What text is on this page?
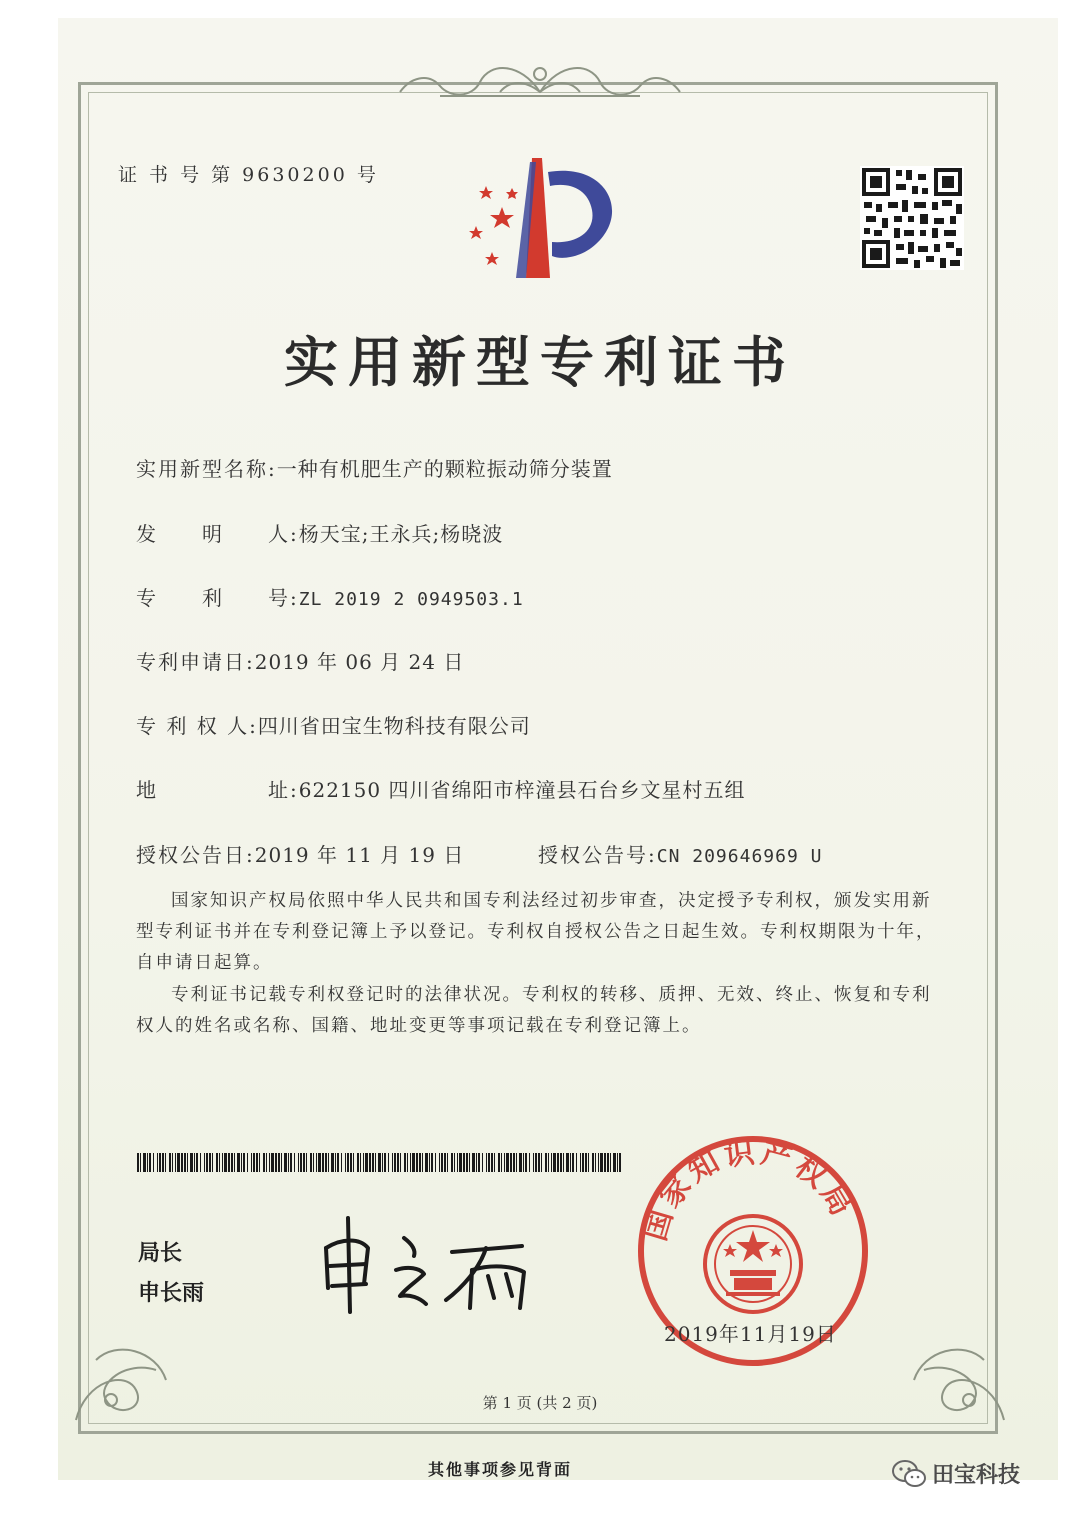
证 书 号 第 9630200 号
实用新型专利证书
实用新型名称:一种有机肥生产的颗粒振动筛分装置
发　　明　　人:杨天宝;王永兵;杨晓波
专　　利　　号:ZL 2019 2 0949503.1
专利申请日:2019 年 06 月 24 日
专 利 权 人:四川省田宝生物科技有限公司
地　　　　　址:622150 四川省绵阳市梓潼县石台乡文星村五组
授权公告日:2019 年 11 月 19 日	授权公告号:CN 209646969 U
国家知识产权局依照中华人民共和国专利法经过初步审查，决定授予专利权，颁发实用新型专利证书并在专利登记簿上予以登记。专利权自授权公告之日起生效。专利权期限为十年，自申请日起算。
专利证书记载专利权登记时的法律状况。专利权的转移、质押、无效、终止、恢复和专利权人的姓名或名称、国籍、地址变更等事项记载在专利登记簿上。
局长
申长雨
国家知识产权局
2019年11月19日
第 1 页 (共 2 页)
其他事项参见背面	田宝科技
